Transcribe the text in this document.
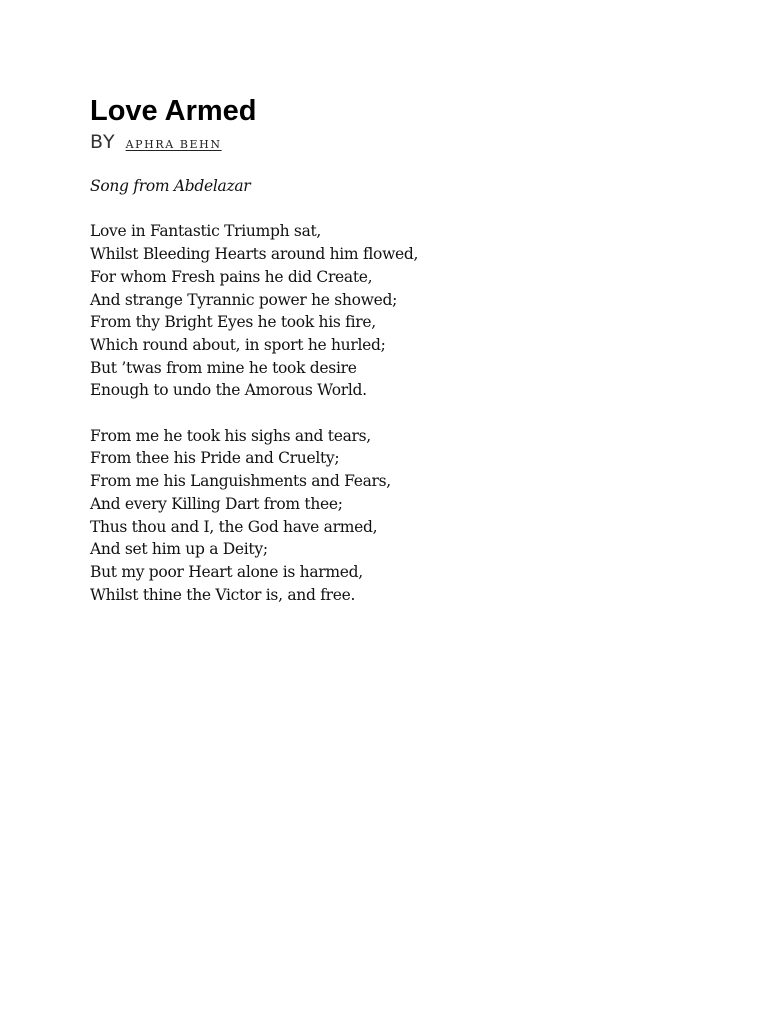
Love Armed
BY APHRA BEHN
Song from Abdelazar
Love in Fantastic Triumph sat,
Whilst Bleeding Hearts around him flowed,
For whom Fresh pains he did Create,
And strange Tyrannic power he showed;
From thy Bright Eyes he took his fire,
Which round about, in sport he hurled;
But ’twas from mine he took desire
Enough to undo the Amorous World.
From me he took his sighs and tears,
From thee his Pride and Cruelty;
From me his Languishments and Fears,
And every Killing Dart from thee;
Thus thou and I, the God have armed,
And set him up a Deity;
But my poor Heart alone is harmed,
Whilst thine the Victor is, and free.
